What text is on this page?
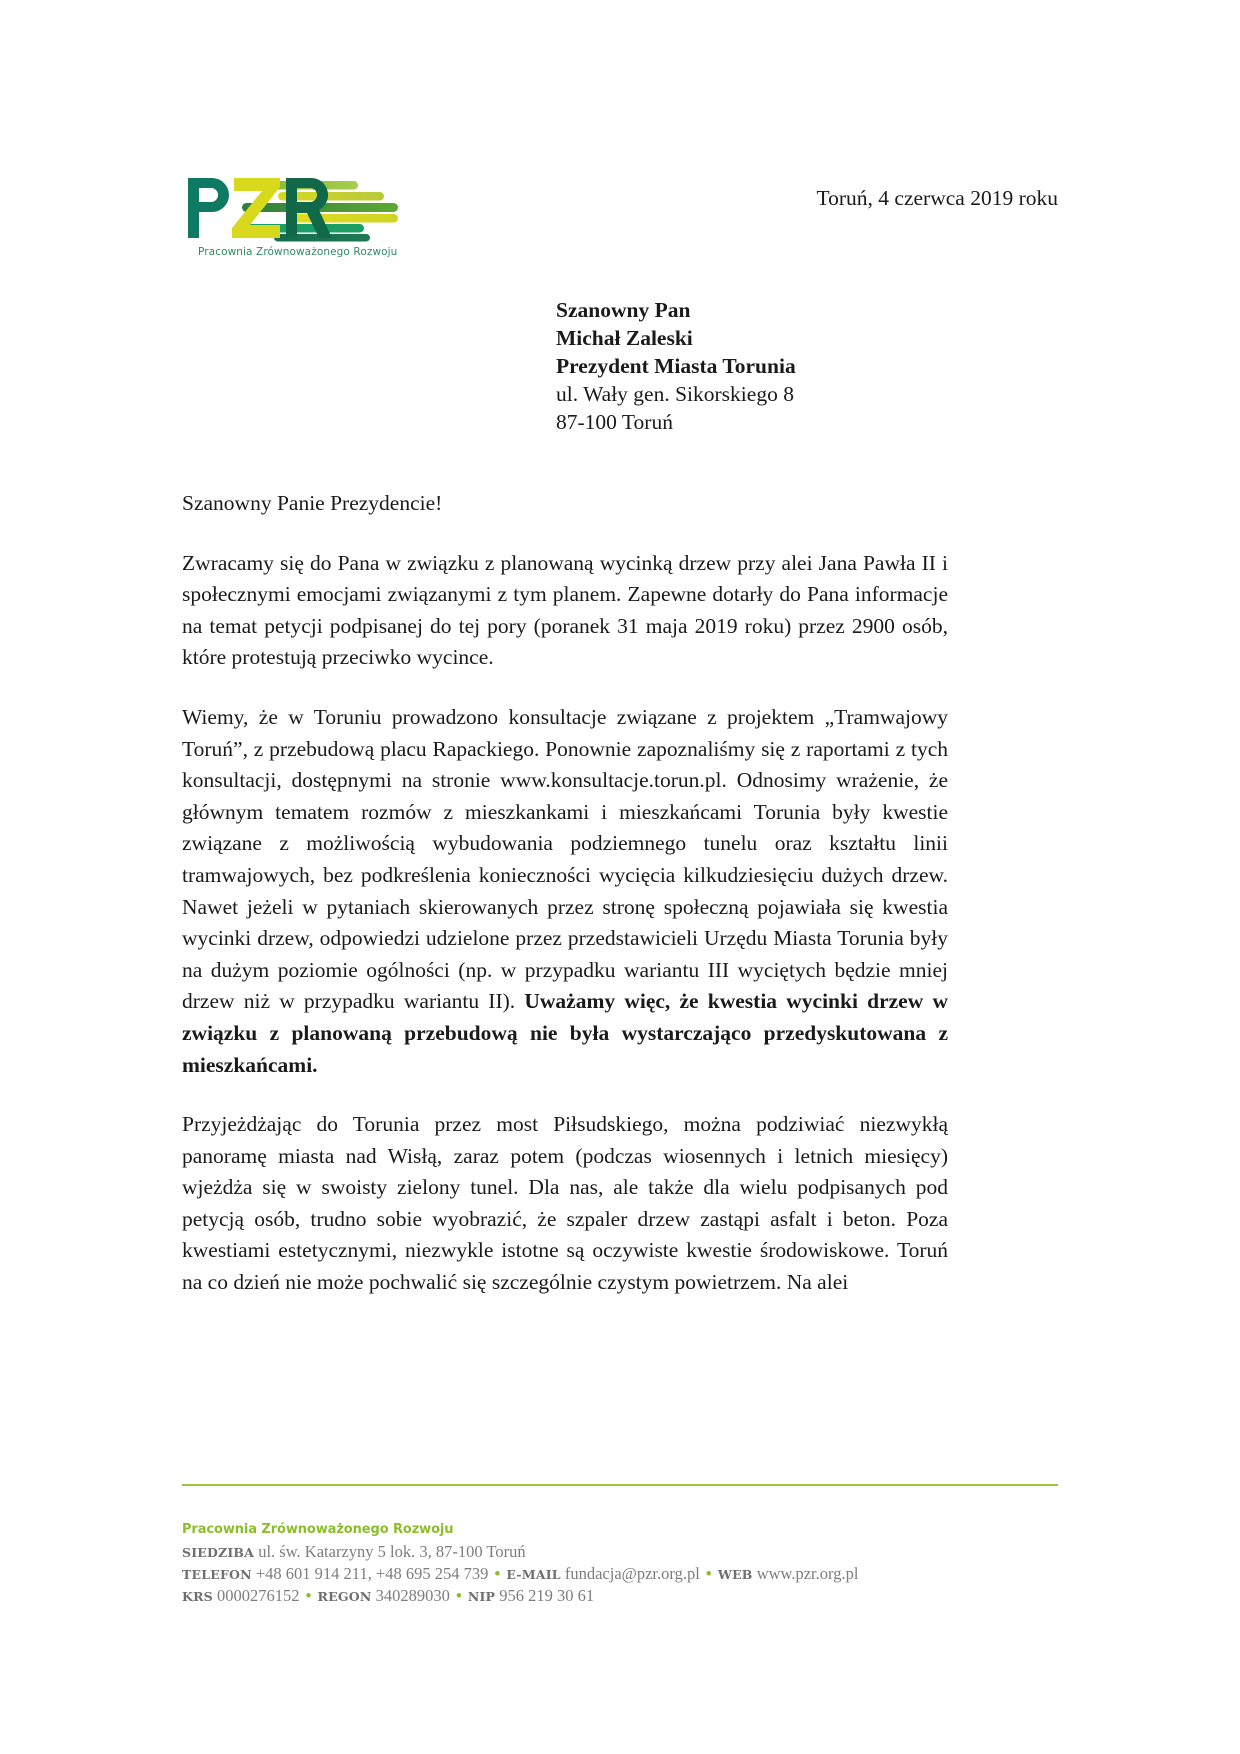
Pracownia Zrównoważonego Rozwoju
Toruń, 4 czerwca 2019 roku
Szanowny Pan
Michał Zaleski
Prezydent Miasta Torunia
ul. Wały gen. Sikorskiego 8
87-100 Toruń

Szanowny Panie Prezydencie!

Zwracamy się do Pana w związku z planowaną wycinką drzew przy alei Jana Pawła II i społecznymi emocjami związanymi z tym planem. Zapewne dotarły do Pana informacje na temat petycji podpisanej do tej pory (poranek 31 maja 2019 roku) przez 2900 osób, które protestują przeciwko wycince.

Wiemy, że w Toruniu prowadzono konsultacje związane z projektem „Tramwajowy Toruń”, z przebudową placu Rapackiego. Ponownie zapoznaliśmy się z raportami z tych konsultacji, dostępnymi na stronie www.konsultacje.torun.pl. Odnosimy wrażenie, że głównym tematem rozmów z mieszkankami i mieszkańcami Torunia były kwestie związane z możliwością wybudowania podziemnego tunelu oraz kształtu linii tramwajowych, bez podkreślenia konieczności wycięcia kilkudziesięciu dużych drzew. Nawet jeżeli w pytaniach skierowanych przez stronę społeczną pojawiała się kwestia wycinki drzew, odpowiedzi udzielone przez przedstawicieli Urzędu Miasta Torunia były na dużym poziomie ogólności (np. w przypadku wariantu III wyciętych będzie mniej drzew niż w przypadku wariantu II). Uważamy więc, że kwestia wycinki drzew w związku z planowaną przebudową nie była wystarczająco przedyskutowana z mieszkańcami.

Przyjeżdżając do Torunia przez most Piłsudskiego, można podziwiać niezwykłą panoramę miasta nad Wisłą, zaraz potem (podczas wiosennych i letnich miesięcy) wjeżdża się w swoisty zielony tunel. Dla nas, ale także dla wielu podpisanych pod petycją osób, trudno sobie wyobrazić, że szpaler drzew zastąpi asfalt i beton. Poza kwestiami estetycznymi, niezwykle istotne są oczywiste kwestie środowiskowe. Toruń na co dzień nie może pochwalić się szczególnie czystym powietrzem. Na alei

Pracownia Zrównoważonego Rozwoju
SIEDZIBA ul. św. Katarzyny 5 lok. 3, 87-100 Toruń
TELEFON +48 601 914 211, +48 695 254 739 • E-MAIL fundacja@pzr.org.pl • WEB www.pzr.org.pl
KRS 0000276152 • REGON 340289030 • NIP 956 219 30 61
